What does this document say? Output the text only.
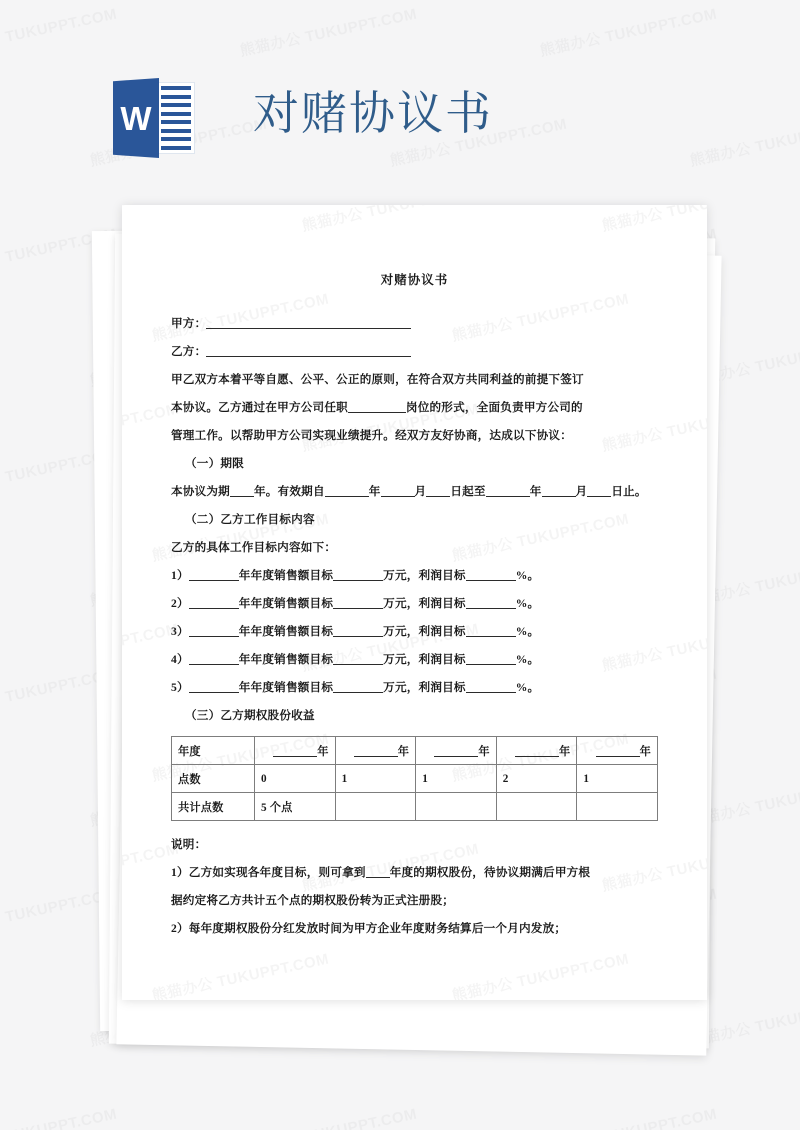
W 对赌协议书
对赌协议书

甲方：

乙方：

甲乙双方本着平等自愿、公平、公正的原则，在符合双方共同利益的前提下签订

本协议。乙方通过在甲方公司任职	岗位的形式，全面负责甲方公司的

管理工作。以帮助甲方公司实现业绩提升。经双方友好协商，达成以下协议：

（一）期限

本协议为期 年。有效期自	年	月 日起至	年	月 日止。

（二）乙方工作目标内容

乙方的具体工作目标内容如下：

1）	年年度销售额目标	万元，利润目标	%。

2）	年年度销售额目标	万元，利润目标	%。

3）	年年度销售额目标	万元，利润目标	%。

4）	年年度销售额目标	万元，利润目标	%。

5）	年年度销售额目标	万元，利润目标	%。

（三）乙方期权股份收益

年度	年	年	年	年	年
点数	0	1	1	2	1
共计点数	5 个点				

说明：

1）乙方如实现各年度目标，则可拿到 年度的期权股份，待协议期满后甲方根

据约定将乙方共计五个点的期权股份转为正式注册股；

2）每年度期权股份分红发放时间为甲方企业年度财务结算后一个月内发放；
